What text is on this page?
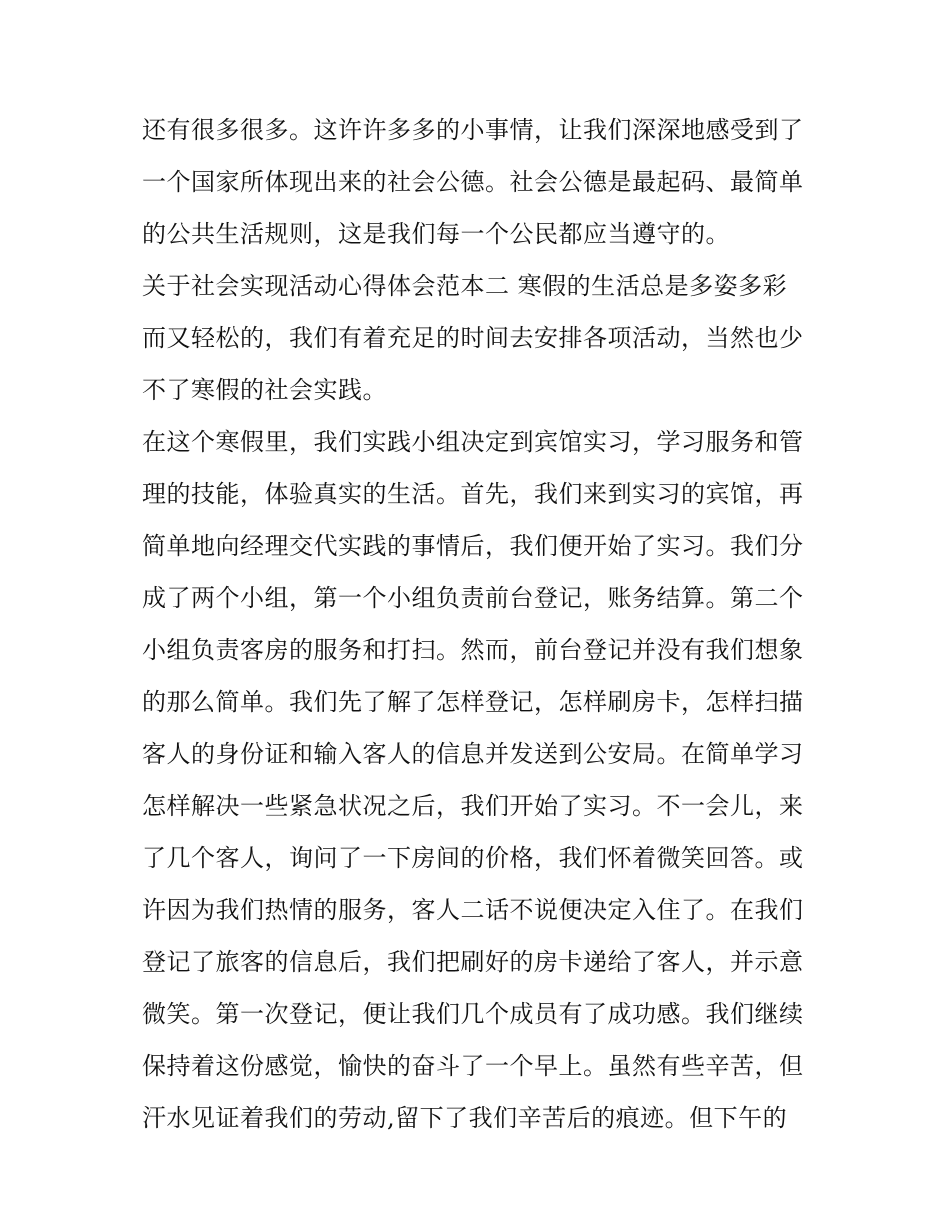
还有很多很多。这许许多多的小事情，让我们深深地感受到了
一个国家所体现出来的社会公德。社会公德是最起码、最简单
的公共生活规则，这是我们每一个公民都应当遵守的。
关于社会实现活动心得体会范本二 寒假的生活总是多姿多彩
而又轻松的，我们有着充足的时间去安排各项活动，当然也少
不了寒假的社会实践。
在这个寒假里，我们实践小组决定到宾馆实习，学习服务和管
理的技能，体验真实的生活。首先，我们来到实习的宾馆，再
简单地向经理交代实践的事情后，我们便开始了实习。我们分
成了两个小组，第一个小组负责前台登记，账务结算。第二个
小组负责客房的服务和打扫。然而，前台登记并没有我们想象
的那么简单。我们先了解了怎样登记，怎样刷房卡，怎样扫描
客人的身份证和输入客人的信息并发送到公安局。在简单学习
怎样解决一些紧急状况之后，我们开始了实习。不一会儿，来
了几个客人，询问了一下房间的价格，我们怀着微笑回答。或
许因为我们热情的服务，客人二话不说便决定入住了。在我们
登记了旅客的信息后，我们把刷好的房卡递给了客人，并示意
微笑。第一次登记，便让我们几个成员有了成功感。我们继续
保持着这份感觉，愉快的奋斗了一个早上。虽然有些辛苦，但
汗水见证着我们的劳动,留下了我们辛苦后的痕迹。但下午的
